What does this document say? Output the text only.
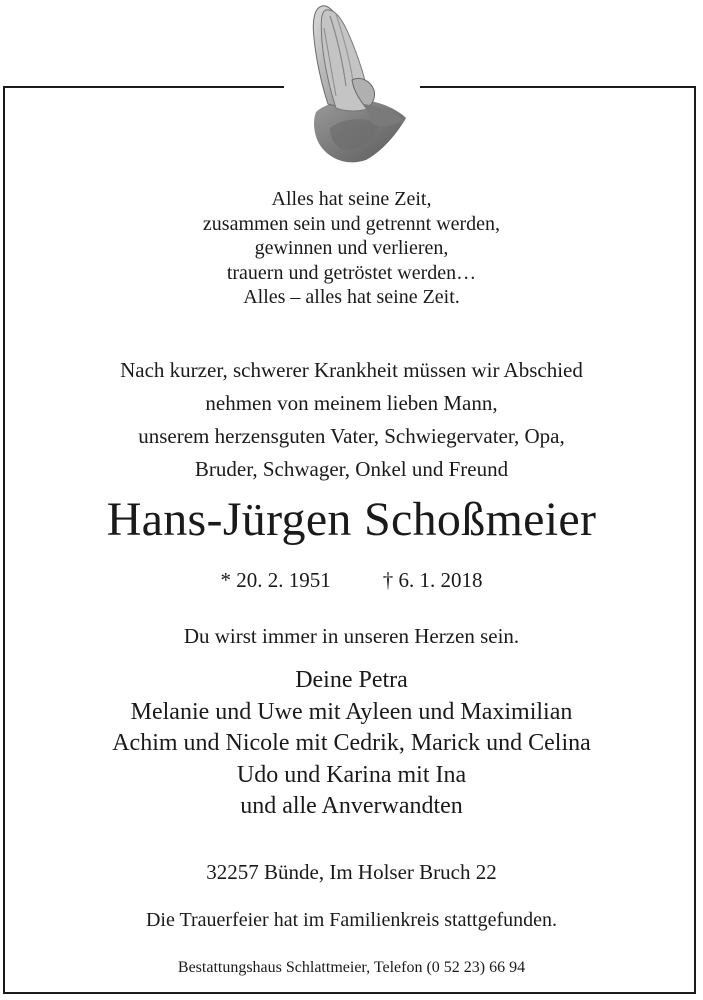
Alles hat seine Zeit,
zusammen sein und getrennt werden,
gewinnen und verlieren,
trauern und getröstet werden…
Alles – alles hat seine Zeit.
Nach kurzer, schwerer Krankheit müssen wir Abschied
nehmen von meinem lieben Mann,
unserem herzensguten Vater, Schwiegervater, Opa,
Bruder, Schwager, Onkel und Freund
Hans-Jürgen Schoßmeier
* 20. 2. 1951 † 6. 1. 2018
Du wirst immer in unseren Herzen sein.
Deine Petra
Melanie und Uwe mit Ayleen und Maximilian
Achim und Nicole mit Cedrik, Marick und Celina
Udo und Karina mit Ina
und alle Anverwandten
32257 Bünde, Im Holser Bruch 22
Die Trauerfeier hat im Familienkreis stattgefunden.
Bestattungshaus Schlattmeier, Telefon (0 52 23) 66 94
